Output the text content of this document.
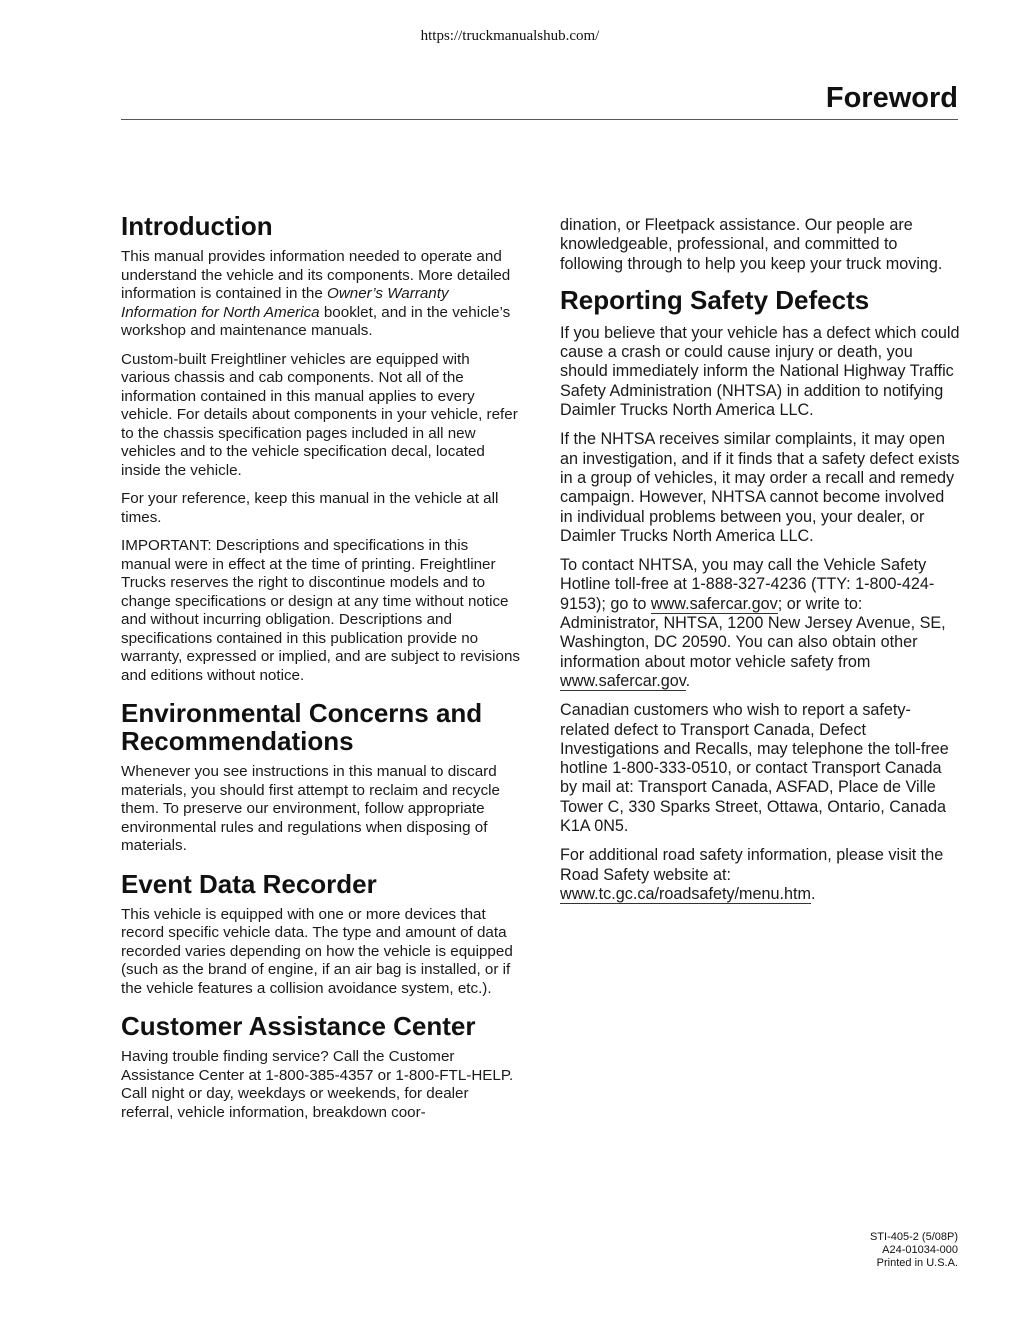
https://truckmanualshub.com/
Foreword
Introduction

This manual provides information needed to operate and understand the vehicle and its components. More detailed information is contained in the Owner’s Warranty Information for North America booklet, and in the vehicle’s workshop and maintenance manuals.

Custom-built Freightliner vehicles are equipped with various chassis and cab components. Not all of the information contained in this manual applies to every vehicle. For details about components in your vehicle, refer to the chassis specification pages included in all new vehicles and to the vehicle specification decal, located inside the vehicle.

For your reference, keep this manual in the vehicle at all times.

IMPORTANT: Descriptions and specifications in this manual were in effect at the time of printing. Freightliner Trucks reserves the right to discontinue models and to change specifications or design at any time without notice and without incurring obligation. Descriptions and specifications contained in this publication provide no warranty, expressed or implied, and are subject to revisions and editions without notice.

Environmental Concerns and Recommendations

Whenever you see instructions in this manual to discard materials, you should first attempt to reclaim and recycle them. To preserve our environment, follow appropriate environmental rules and regulations when disposing of materials.

Event Data Recorder

This vehicle is equipped with one or more devices that record specific vehicle data. The type and amount of data recorded varies depending on how the vehicle is equipped (such as the brand of engine, if an air bag is installed, or if the vehicle features a collision avoidance system, etc.).

Customer Assistance Center

Having trouble finding service? Call the Customer Assistance Center at 1-800-385-4357 or 1-800-FTL-HELP. Call night or day, weekdays or weekends, for dealer referral, vehicle information, breakdown coor-

dination, or Fleetpack assistance. Our people are knowledgeable, professional, and committed to following through to help you keep your truck moving.

Reporting Safety Defects

If you believe that your vehicle has a defect which could cause a crash or could cause injury or death, you should immediately inform the National Highway Traffic Safety Administration (NHTSA) in addition to notifying Daimler Trucks North America LLC.

If the NHTSA receives similar complaints, it may open an investigation, and if it finds that a safety defect exists in a group of vehicles, it may order a recall and remedy campaign. However, NHTSA cannot become involved in individual problems between you, your dealer, or Daimler Trucks North America LLC.

To contact NHTSA, you may call the Vehicle Safety Hotline toll-free at 1-888-327-4236 (TTY: 1-800-424-9153); go to www.safercar.gov; or write to: Administrator, NHTSA, 1200 New Jersey Avenue, SE, Washington, DC 20590. You can also obtain other information about motor vehicle safety from www.safercar.gov.

Canadian customers who wish to report a safety-related defect to Transport Canada, Defect Investigations and Recalls, may telephone the toll-free hotline 1-800-333-0510, or contact Transport Canada by mail at: Transport Canada, ASFAD, Place de Ville Tower C, 330 Sparks Street, Ottawa, Ontario, Canada K1A 0N5.

For additional road safety information, please visit the Road Safety website at: www.tc.gc.ca/roadsafety/menu.htm.

STI-405-2 (5/08P)
A24-01034-000
Printed in U.S.A.
